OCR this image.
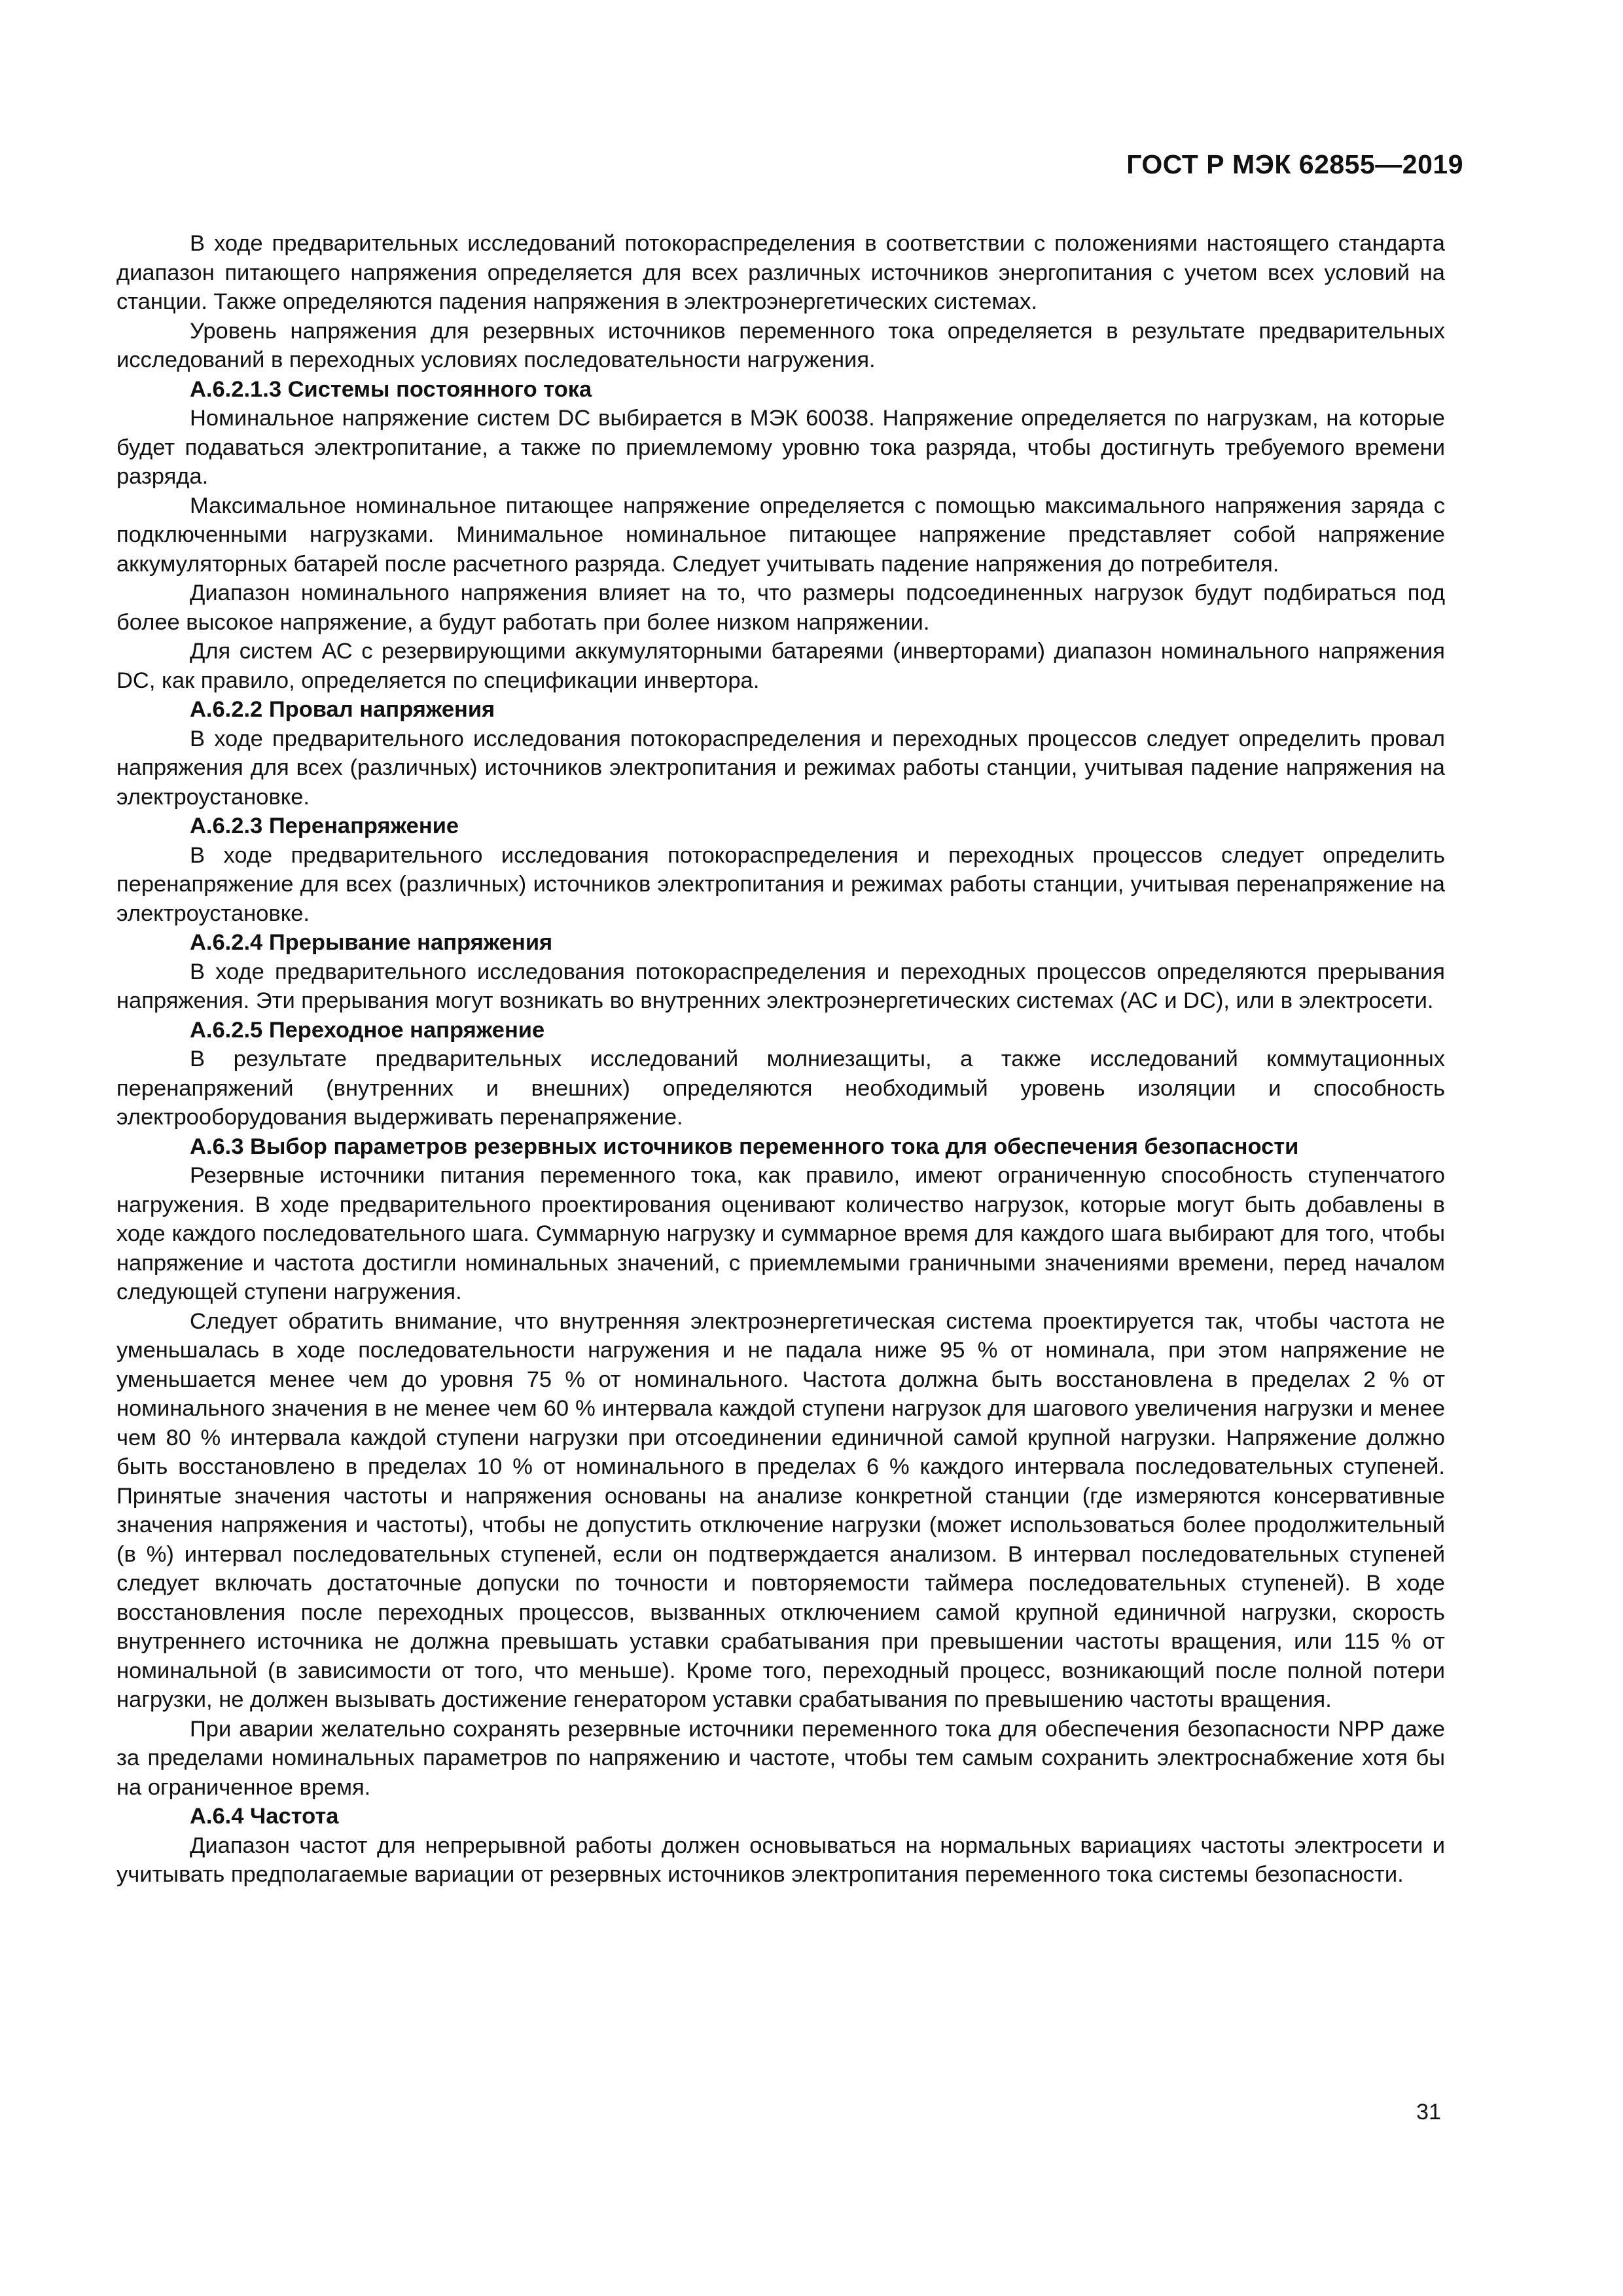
ГОСТ Р МЭК 62855—2019

В ходе предварительных исследований потокораспределения в соответствии с положениями настоящего стандарта диапазон питающего напряжения определяется для всех различных источников энергопитания с учетом всех условий на станции. Также определяются падения напряжения в электроэнергетических системах.

Уровень напряжения для резервных источников переменного тока определяется в результате предварительных исследований в переходных условиях последовательности нагружения.

А.6.2.1.3 Системы постоянного тока

Номинальное напряжение систем DC выбирается в МЭК 60038. Напряжение определяется по нагрузкам, на которые будет подаваться электропитание, а также по приемлемому уровню тока разряда, чтобы достигнуть требуемого времени разряда.

Максимальное номинальное питающее напряжение определяется с помощью максимального напряжения заряда с подключенными нагрузками. Минимальное номинальное питающее напряжение представляет собой напряжение аккумуляторных батарей после расчетного разряда. Следует учитывать падение напряжения до потребителя.

Диапазон номинального напряжения влияет на то, что размеры подсоединенных нагрузок будут подбираться под более высокое напряжение, а будут работать при более низком напряжении.

Для систем АС с резервирующими аккумуляторными батареями (инверторами) диапазон номинального напряжения DC, как правило, определяется по спецификации инвертора.

А.6.2.2 Провал напряжения

В ходе предварительного исследования потокораспределения и переходных процессов следует определить провал напряжения для всех (различных) источников электропитания и режимах работы станции, учитывая падение напряжения на электроустановке.

А.6.2.3 Перенапряжение

В ходе предварительного исследования потокораспределения и переходных процессов следует определить перенапряжение для всех (различных) источников электропитания и режимах работы станции, учитывая перенапряжение на электроустановке.

А.6.2.4 Прерывание напряжения

В ходе предварительного исследования потокораспределения и переходных процессов определяются прерывания напряжения. Эти прерывания могут возникать во внутренних электроэнергетических системах (АС и DC), или в электросети.

А.6.2.5 Переходное напряжение

В результате предварительных исследований молниезащиты, а также исследований коммутационных перенапряжений (внутренних и внешних) определяются необходимый уровень изоляции и способность электрооборудования выдерживать перенапряжение.

А.6.3 Выбор параметров резервных источников переменного тока для обеспечения безопасности

Резервные источники питания переменного тока, как правило, имеют ограниченную способность ступенчатого нагружения. В ходе предварительного проектирования оценивают количество нагрузок, которые могут быть добавлены в ходе каждого последовательного шага. Суммарную нагрузку и суммарное время для каждого шага выбирают для того, чтобы напряжение и частота достигли номинальных значений, с приемлемыми граничными значениями времени, перед началом следующей ступени нагружения.

Следует обратить внимание, что внутренняя электроэнергетическая система проектируется так, чтобы частота не уменьшалась в ходе последовательности нагружения и не падала ниже 95 % от номинала, при этом напряжение не уменьшается менее чем до уровня 75 % от номинального. Частота должна быть восстановлена в пределах 2 % от номинального значения в не менее чем 60 % интервала каждой ступени нагрузок для шагового увеличения нагрузки и менее чем 80 % интервала каждой ступени нагрузки при отсоединении единичной самой крупной нагрузки. Напряжение должно быть восстановлено в пределах 10 % от номинального в пределах 6 % каждого интервала последовательных ступеней. Принятые значения частоты и напряжения основаны на анализе конкретной станции (где измеряются консервативные значения напряжения и частоты), чтобы не допустить отключение нагрузки (может использоваться более продолжительный (в %) интервал последовательных ступеней, если он подтверждается анализом. В интервал последовательных ступеней следует включать достаточные допуски по точности и повторяемости таймера последовательных ступеней). В ходе восстановления после переходных процессов, вызванных отключением самой крупной единичной нагрузки, скорость внутреннего источника не должна превышать уставки срабатывания при превышении частоты вращения, или 115 % от номинальной (в зависимости от того, что меньше). Кроме того, переходный процесс, возникающий после полной потери нагрузки, не должен вызывать достижение генератором уставки срабатывания по превышению частоты вращения.

При аварии желательно сохранять резервные источники переменного тока для обеспечения безопасности NPP даже за пределами номинальных параметров по напряжению и частоте, чтобы тем самым сохранить электроснабжение хотя бы на ограниченное время.

А.6.4 Частота

Диапазон частот для непрерывной работы должен основываться на нормальных вариациях частоты электросети и учитывать предполагаемые вариации от резервных источников электропитания переменного тока системы безопасности.

31
